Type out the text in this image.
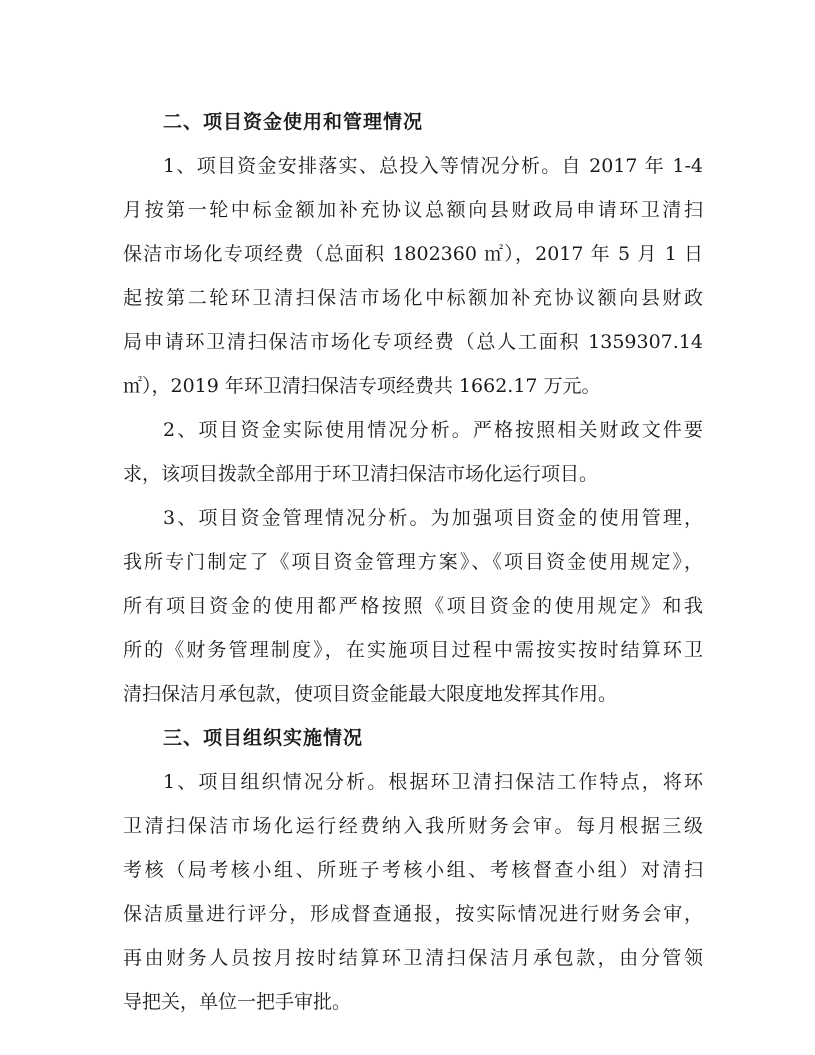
二、项目资金使用和管理情况
1、项目资金安排落实、总投入等情况分析。自 2017 年 1-4
月按第一轮中标金额加补充协议总额向县财政局申请环卫清扫
保洁市场化专项经费（总面积 1802360 ㎡），2017 年 5 月 1 日
起按第二轮环卫清扫保洁市场化中标额加补充协议额向县财政
局申请环卫清扫保洁市场化专项经费（总人工面积 1359307.14
㎡），2019 年环卫清扫保洁专项经费共 1662.17 万元。
2、项目资金实际使用情况分析。严格按照相关财政文件要
求，该项目拨款全部用于环卫清扫保洁市场化运行项目。
3、项目资金管理情况分析。为加强项目资金的使用管理，
我所专门制定了《项目资金管理方案》、《项目资金使用规定》，
所有项目资金的使用都严格按照《项目资金的使用规定》和我
所的《财务管理制度》，在实施项目过程中需按实按时结算环卫
清扫保洁月承包款，使项目资金能最大限度地发挥其作用。
三、项目组织实施情况
1、项目组织情况分析。根据环卫清扫保洁工作特点，将环
卫清扫保洁市场化运行经费纳入我所财务会审。每月根据三级
考核（局考核小组、所班子考核小组、考核督查小组）对清扫
保洁质量进行评分，形成督查通报，按实际情况进行财务会审，
再由财务人员按月按时结算环卫清扫保洁月承包款，由分管领
导把关，单位一把手审批。
